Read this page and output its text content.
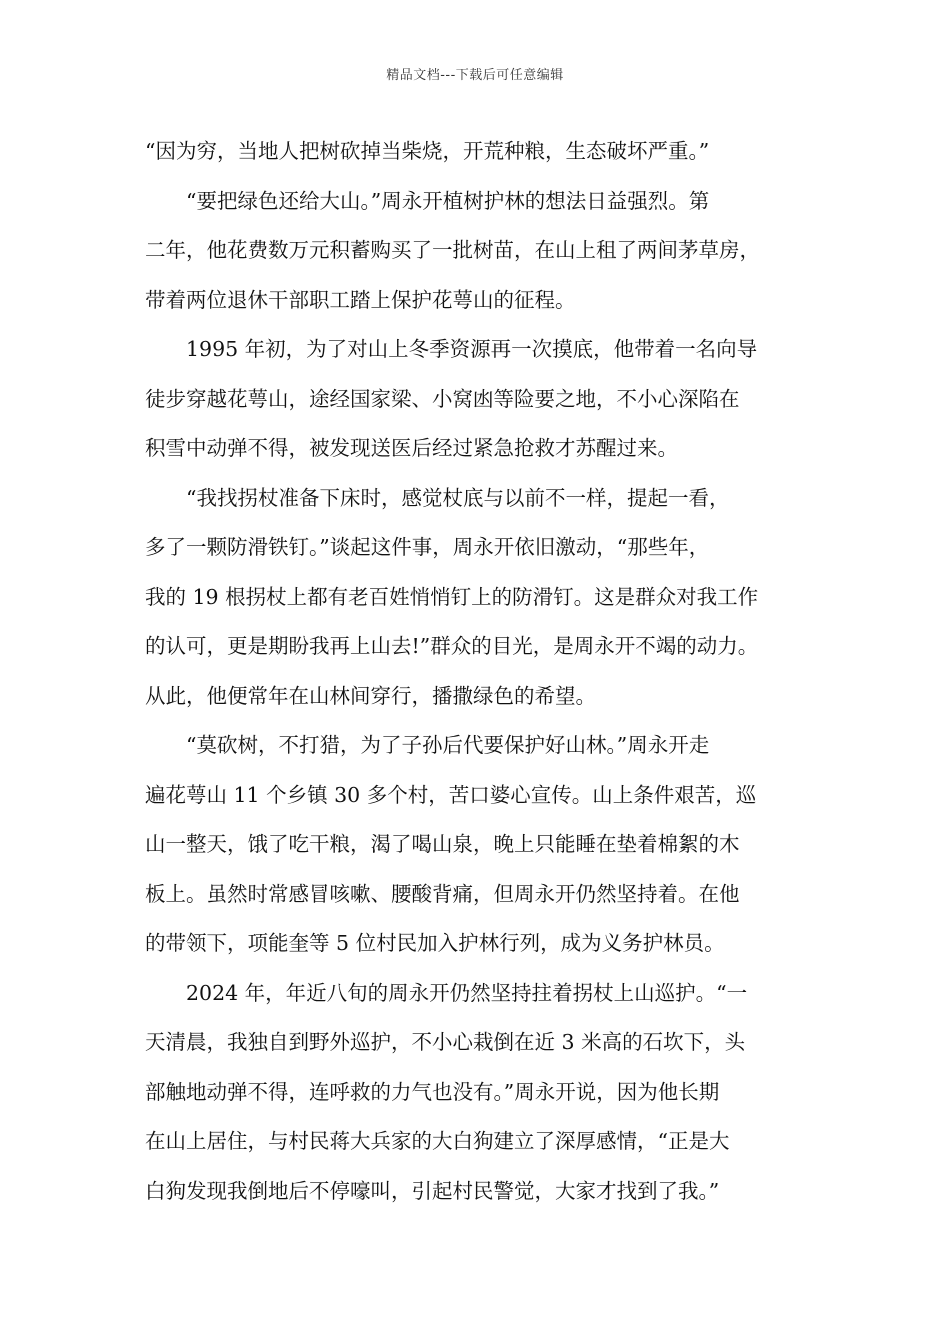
精品文档---下载后可任意编辑
“因为穷，当地人把树砍掉当柴烧，开荒种粮，生态破坏严重。”
“要把绿色还给大山。”周永开植树护林的想法日益强烈。第
二年，他花费数万元积蓄购买了一批树苗，在山上租了两间茅草房，
带着两位退休干部职工踏上保护花萼山的征程。
1995 年初，为了对山上冬季资源再一次摸底，他带着一名向导
徒步穿越花萼山，途经国家梁、小窝凼等险要之地，不小心深陷在
积雪中动弹不得，被发现送医后经过紧急抢救才苏醒过来。
“我找拐杖准备下床时，感觉杖底与以前不一样，提起一看，
多了一颗防滑铁钉。”谈起这件事，周永开依旧激动，“那些年，
我的 19 根拐杖上都有老百姓悄悄钉上的防滑钉。这是群众对我工作
的认可，更是期盼我再上山去!”群众的目光，是周永开不竭的动力。
从此，他便常年在山林间穿行，播撒绿色的希望。
“莫砍树，不打猎，为了子孙后代要保护好山林。”周永开走
遍花萼山 11 个乡镇 30 多个村，苦口婆心宣传。山上条件艰苦，巡
山一整天，饿了吃干粮，渴了喝山泉，晚上只能睡在垫着棉絮的木
板上。虽然时常感冒咳嗽、腰酸背痛，但周永开仍然坚持着。在他
的带领下，项能奎等 5 位村民加入护林行列，成为义务护林员。
2024 年，年近八旬的周永开仍然坚持拄着拐杖上山巡护。“一
天清晨，我独自到野外巡护，不小心栽倒在近 3 米高的石坎下，头
部触地动弹不得，连呼救的力气也没有。”周永开说，因为他长期
在山上居住，与村民蒋大兵家的大白狗建立了深厚感情，“正是大
白狗发现我倒地后不停嚎叫，引起村民警觉，大家才找到了我。”
